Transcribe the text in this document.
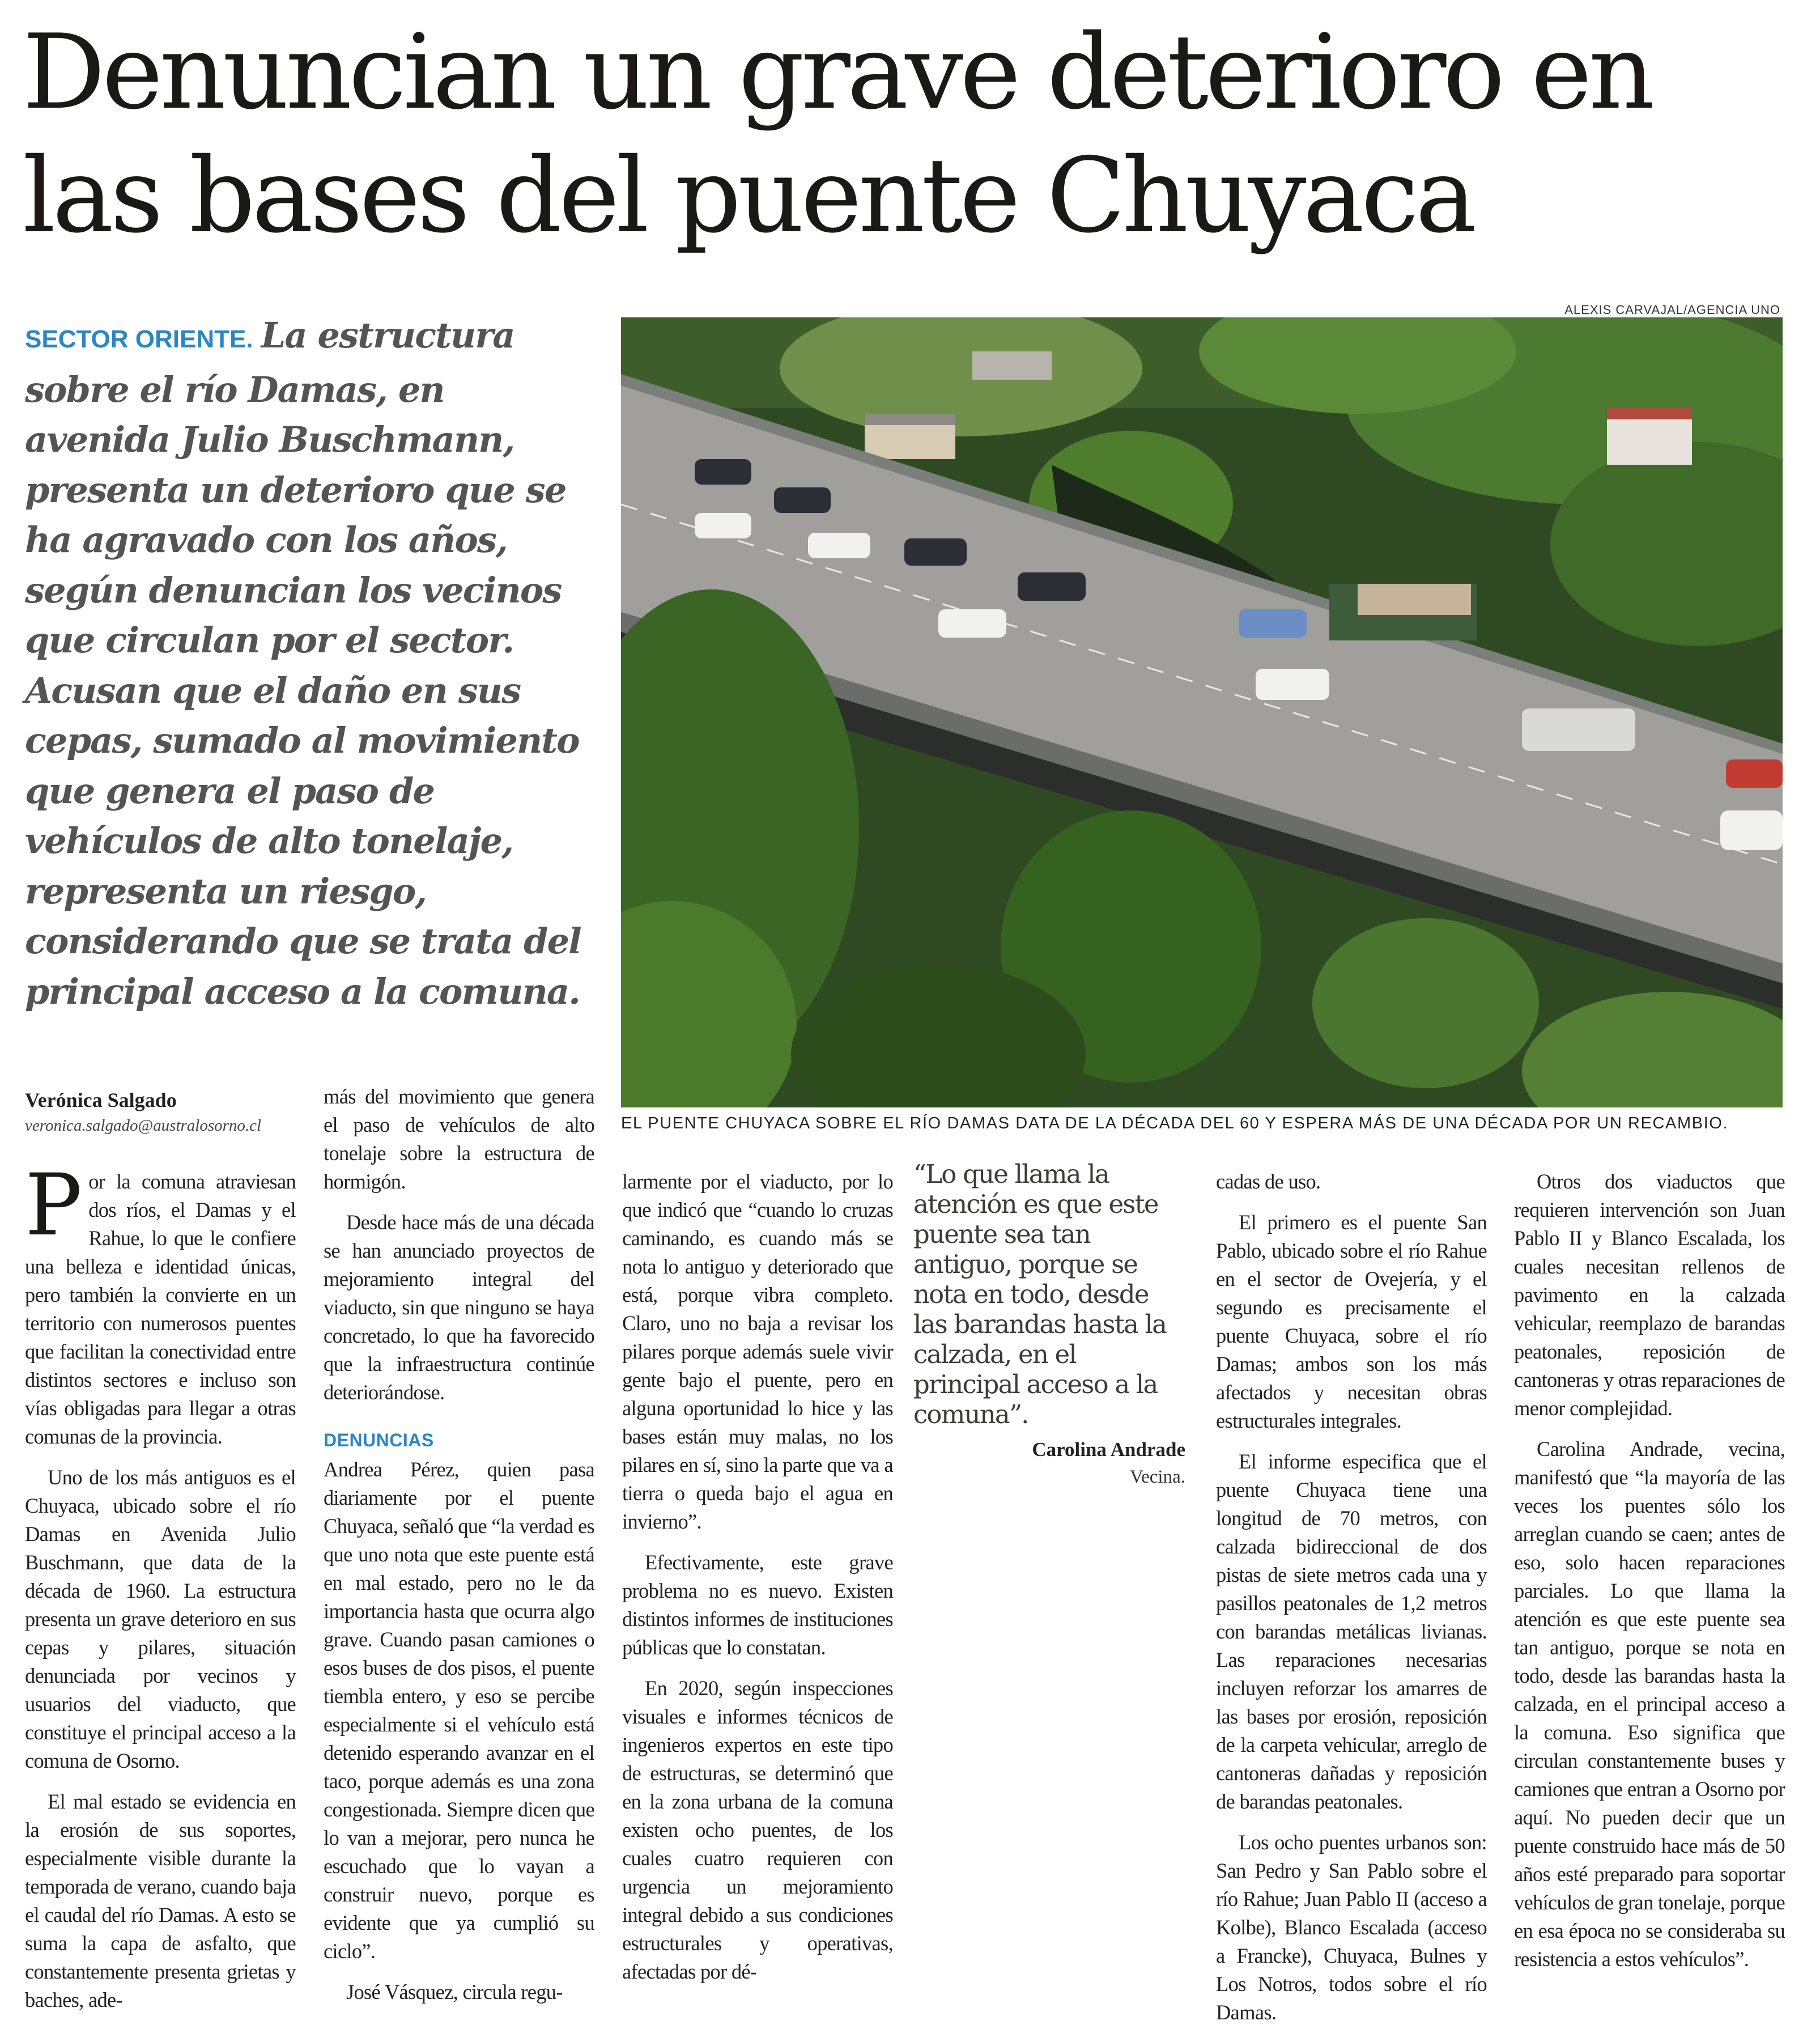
Denuncian un grave deterioro en
las bases del puente Chuyaca
SECTOR ORIENTE. La estructura sobre el río Damas, en avenida Julio Buschmann, presenta un deterioro que se ha agravado con los años, según denuncian los vecinos que circulan por el sector. Acusan que el daño en sus cepas, sumado al movimiento que genera el paso de vehículos de alto tonelaje, representa un riesgo, considerando que se trata del principal acceso a la comuna.
ALEXIS CARVAJAL/AGENCIA UNO
EL PUENTE CHUYACA SOBRE EL RÍO DAMAS DATA DE LA DÉCADA DEL 60 Y ESPERA MÁS DE UNA DÉCADA POR UN RECAMBIO.
Verónica Salgado
veronica.salgado@australosorno.cl

Por la comuna atraviesan dos ríos, el Damas y el Rahue, lo que le confiere una belleza e identidad únicas, pero también la convierte en un territorio con numerosos puentes que facilitan la conectividad entre distintos sectores e incluso son vías obligadas para llegar a otras comunas de la provincia.

Uno de los más antiguos es el Chuyaca, ubicado sobre el río Damas en Avenida Julio Buschmann, que data de la década de 1960. La estructura presenta un grave deterioro en sus cepas y pilares, situación denunciada por vecinos y usuarios del viaducto, que constituye el principal acceso a la comuna de Osorno.

El mal estado se evidencia en la erosión de sus soportes, especialmente visible durante la temporada de verano, cuando baja el caudal del río Damas. A esto se suma la capa de asfalto, que constantemente presenta grietas y baches, ade-

más del movimiento que genera el paso de vehículos de alto tonelaje sobre la estructura de hormigón.

Desde hace más de una década se han anunciado proyectos de mejoramiento integral del viaducto, sin que ninguno se haya concretado, lo que ha favorecido que la infraestructura continúe deteriorándose.

DENUNCIAS

Andrea Pérez, quien pasa diariamente por el puente Chuyaca, señaló que “la verdad es que uno nota que este puente está en mal estado, pero no le da importancia hasta que ocurra algo grave. Cuando pasan camiones o esos buses de dos pisos, el puente tiembla entero, y eso se percibe especialmente si el vehículo está detenido esperando avanzar en el taco, porque además es una zona congestionada. Siempre dicen que lo van a mejorar, pero nunca he escuchado que lo vayan a construir nuevo, porque es evidente que ya cumplió su ciclo”.

José Vásquez, circula regu-

larmente por el viaducto, por lo que indicó que “cuando lo cruzas caminando, es cuando más se nota lo antiguo y deteriorado que está, porque vibra completo. Claro, uno no baja a revisar los pilares porque además suele vivir gente bajo el puente, pero en alguna oportunidad lo hice y las bases están muy malas, no los pilares en sí, sino la parte que va a tierra o queda bajo el agua en invierno”.

Efectivamente, este grave problema no es nuevo. Existen distintos informes de instituciones públicas que lo constatan.

En 2020, según inspecciones visuales e informes técnicos de ingenieros expertos en este tipo de estructuras, se determinó que en la zona urbana de la comuna existen ocho puentes, de los cuales cuatro requieren con urgencia un mejoramiento integral debido a sus condiciones estructurales y operativas, afectadas por dé-

“Lo que llama la atención es que este puente sea tan antiguo, porque se nota en todo, desde las barandas hasta la calzada, en el principal acceso a la comuna”.
Carolina Andrade
Vecina.

cadas de uso.

El primero es el puente San Pablo, ubicado sobre el río Rahue en el sector de Ovejería, y el segundo es precisamente el puente Chuyaca, sobre el río Damas; ambos son los más afectados y necesitan obras estructurales integrales.

El informe especifica que el puente Chuyaca tiene una longitud de 70 metros, con calzada bidireccional de dos pistas de siete metros cada una y pasillos peatonales de 1,2 metros con barandas metálicas livianas. Las reparaciones necesarias incluyen reforzar los amarres de las bases por erosión, reposición de la carpeta vehicular, arreglo de cantoneras dañadas y reposición de barandas peatonales.

Los ocho puentes urbanos son: San Pedro y San Pablo sobre el río Rahue; Juan Pablo II (acceso a Kolbe), Blanco Escalada (acceso a Francke), Chuyaca, Bulnes y Los Notros, todos sobre el río Damas.

Otros dos viaductos que requieren intervención son Juan Pablo II y Blanco Escalada, los cuales necesitan rellenos de pavimento en la calzada vehicular, reemplazo de barandas peatonales, reposición de cantoneras y otras reparaciones de menor complejidad.

Carolina Andrade, vecina, manifestó que “la mayoría de las veces los puentes sólo los arreglan cuando se caen; antes de eso, solo hacen reparaciones parciales. Lo que llama la atención es que este puente sea tan antiguo, porque se nota en todo, desde las barandas hasta la calzada, en el principal acceso a la comuna. Eso significa que circulan constantemente buses y camiones que entran a Osorno por aquí. No pueden decir que un puente construido hace más de 50 años esté preparado para soportar vehículos de gran tonelaje, porque en esa época no se consideraba su resistencia a estos vehículos”.
